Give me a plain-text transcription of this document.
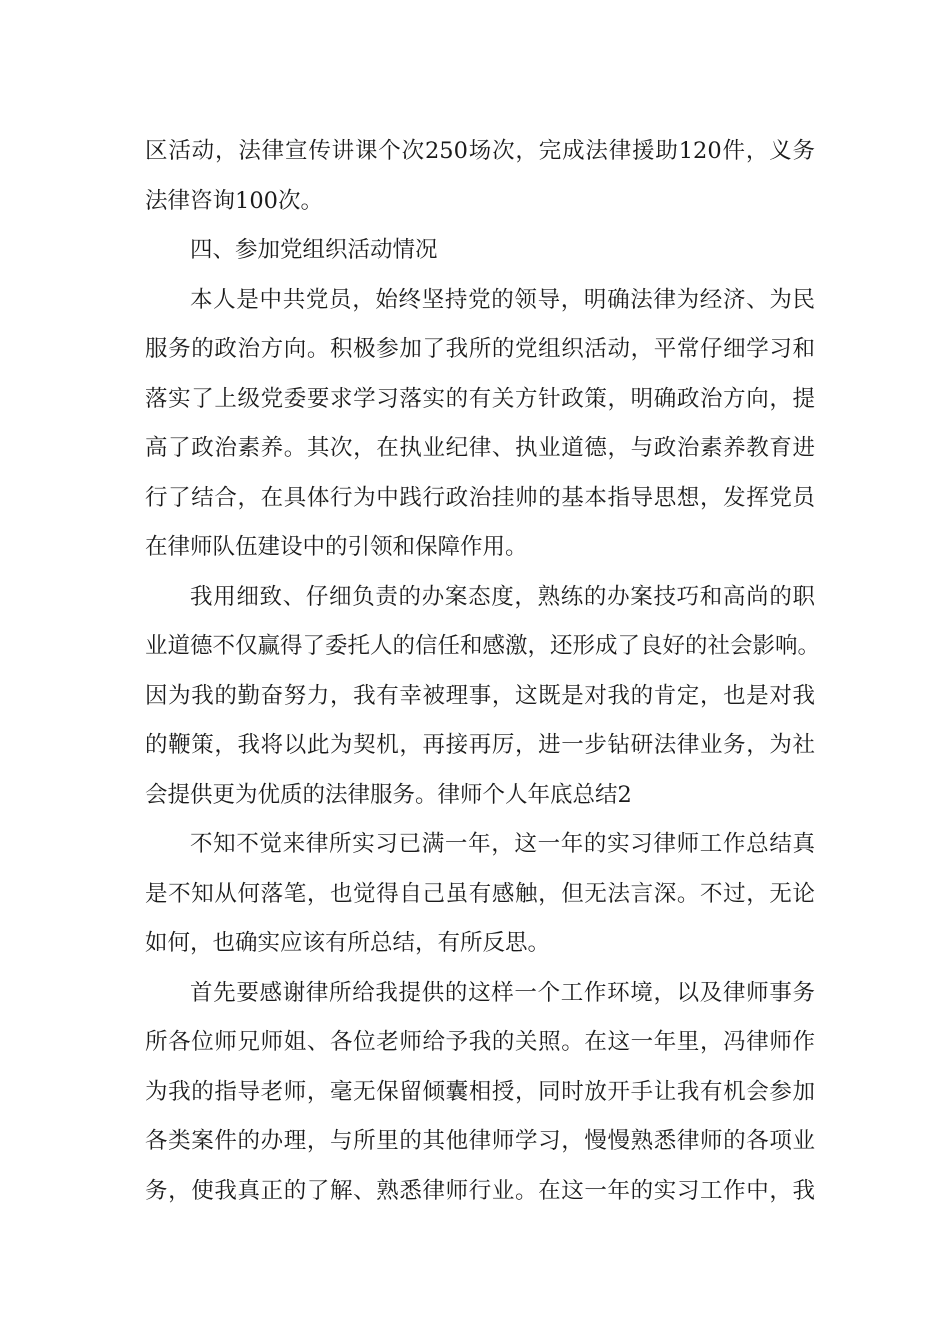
区活动，法律宣传讲课个次250场次，完成法律援助120件，义务
法律咨询100次。
四、参加党组织活动情况
本人是中共党员，始终坚持党的领导，明确法律为经济、为民
服务的政治方向。积极参加了我所的党组织活动，平常仔细学习和
落实了上级党委要求学习落实的有关方针政策，明确政治方向，提
高了政治素养。其次，在执业纪律、执业道德，与政治素养教育进
行了结合，在具体行为中践行政治挂帅的基本指导思想，发挥党员
在律师队伍建设中的引领和保障作用。
我用细致、仔细负责的办案态度，熟练的办案技巧和高尚的职
业道德不仅赢得了委托人的信任和感激，还形成了良好的社会影响。
因为我的勤奋努力，我有幸被理事，这既是对我的肯定，也是对我
的鞭策，我将以此为契机，再接再厉，进一步钻研法律业务，为社
会提供更为优质的法律服务。律师个人年底总结2
不知不觉来律所实习已满一年，这一年的实习律师工作总结真
是不知从何落笔，也觉得自己虽有感触，但无法言深。不过，无论
如何，也确实应该有所总结，有所反思。
首先要感谢律所给我提供的这样一个工作环境，以及律师事务
所各位师兄师姐、各位老师给予我的关照。在这一年里，冯律师作
为我的指导老师，毫无保留倾囊相授，同时放开手让我有机会参加
各类案件的办理，与所里的其他律师学习，慢慢熟悉律师的各项业
务，使我真正的了解、熟悉律师行业。在这一年的实习工作中，我
